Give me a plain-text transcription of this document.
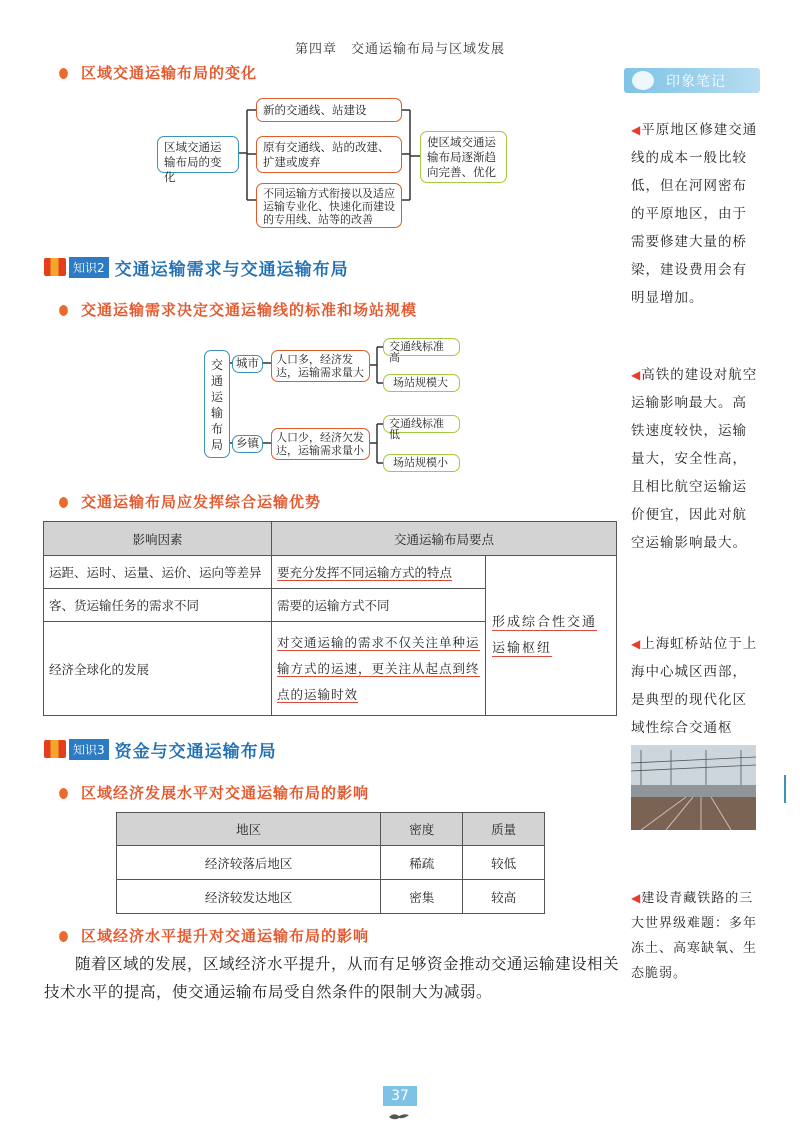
第四章　交通运输布局与区域发展
印象笔记
区域交通运输布局的变化
区域交通运输布局的变化
新的交通线、站建设
原有交通线、站的改建、扩建或废弃
不同运输方式衔接以及适应运输专业化、快速化而建设的专用线、站等的改善
使区域交通运输布局逐渐趋向完善、优化
知识2 交通运输需求与交通运输布局
交通运输需求决定交通运输线的标准和场站规模
交通运输布局
城市	人口多，经济发达，运输需求量大
交通线标准高
场站规模大
乡镇	人口少，经济欠发达，运输需求量小
交通线标准低
场站规模小
交通运输布局应发挥综合运输优势
影响因素	交通运输布局要点	
运距、运时、运量、运价、运向等差异	要充分发挥不同运输方式的特点	形成综合性交通运输枢纽
客、货运输任务的需求不同	需要的运输方式不同	
经济全球化的发展	对交通运输的需求不仅关注单种运输方式的运速，更关注从起点到终点的运输时效	
知识3 资金与交通运输布局
区域经济发展水平对交通运输布局的影响
地区	密度	质量
经济较落后地区	稀疏	较低
经济较发达地区	密集	较高
区域经济水平提升对交通运输布局的影响
随着区域的发展，区域经济水平提升，从而有足够资金推动交通运输建设相关技术水平的提高，使交通运输布局受自然条件的限制大为减弱。
◀平原地区修建交通线的成本一般比较低，但在河网密布的平原地区，由于需要修建大量的桥梁，建设费用会有明显增加。
◀高铁的建设对航空运输影响最大。高铁速度较快，运输量大，安全性高，且相比航空运输运价便宜，因此对航空运输影响最大。
◀上海虹桥站位于上海中心城区西部，是典型的现代化区域性综合交通枢
◀建设青藏铁路的三大世界级难题：多年冻土、高寒缺氧、生态脆弱。
37
